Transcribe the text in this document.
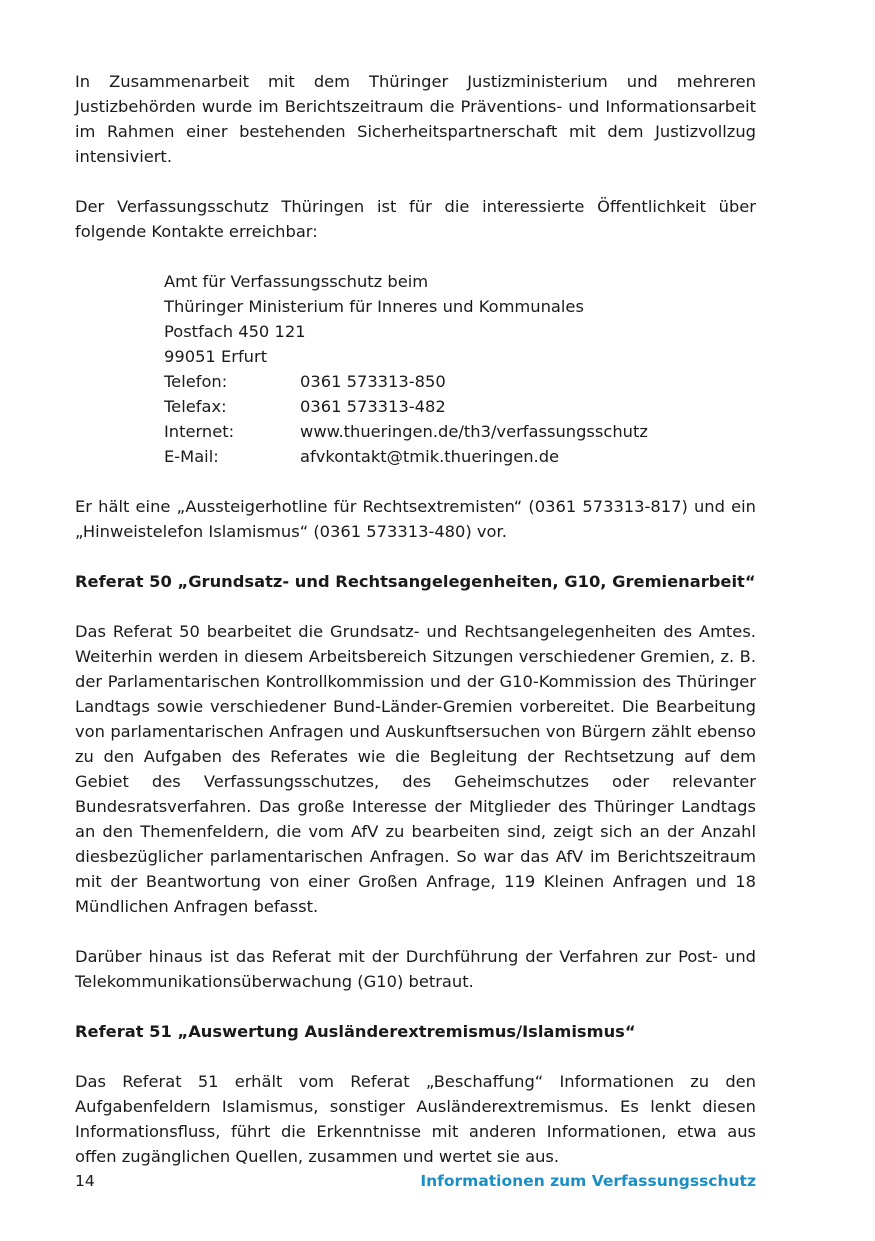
In Zusammenarbeit mit dem Thüringer Justizministerium und mehreren Justizbehörden wurde im Berichtszeitraum die Präventions- und Informationsarbeit im Rahmen einer bestehenden Sicherheitspartnerschaft mit dem Justizvollzug intensiviert.

Der Verfassungsschutz Thüringen ist für die interessierte Öffentlichkeit über folgende Kontakte erreichbar:

Amt für Verfassungsschutz beim

Thüringer Ministerium für Inneres und Kommunales

Postfach 450 121

99051 Erfurt

Telefon:	0361 573313-850

Telefax:	0361 573313-482

Internet:	www.thueringen.de/th3/verfassungsschutz

E-Mail:	afvkontakt@tmik.thueringen.de

Er hält eine „Aussteigerhotline für Rechtsextremisten“ (0361 573313-817) und ein „Hinweistelefon Islamismus“ (0361 573313-480) vor.

Referat 50 „Grundsatz- und Rechtsangelegenheiten, G10, Gremienarbeit“

Das Referat 50 bearbeitet die Grundsatz- und Rechtsangelegenheiten des Amtes. Weiterhin werden in diesem Arbeitsbereich Sitzungen verschiedener Gremien, z. B. der Parlamentarischen Kontrollkommission und der G10-Kommission des Thüringer Landtags sowie verschiedener Bund-Länder-Gremien vorbereitet. Die Bearbeitung von parlamentarischen Anfragen und Auskunftsersuchen von Bürgern zählt ebenso zu den Aufgaben des Referates wie die Begleitung der Rechtsetzung auf dem Gebiet des Verfassungsschutzes, des Geheimschutzes oder relevanter Bundesratsverfahren. Das große Interesse der Mitglieder des Thüringer Landtags an den Themenfeldern, die vom AfV zu bearbeiten sind, zeigt sich an der Anzahl diesbezüglicher parlamentarischen Anfragen. So war das AfV im Berichtszeitraum mit der Beantwortung von einer Großen Anfrage, 119 Kleinen Anfragen und 18 Mündlichen Anfragen befasst.

Darüber hinaus ist das Referat mit der Durchführung der Verfahren zur Post- und Telekommunikationsüberwachung (G10) betraut.

Referat 51 „Auswertung Ausländerextremismus/Islamismus“

Das Referat 51 erhält vom Referat „Beschaffung“ Informationen zu den Aufgabenfeldern Islamismus, sonstiger Ausländerextremismus. Es lenkt diesen Informationsfluss, führt die Erkenntnisse mit anderen Informationen, etwa aus offen zugänglichen Quellen, zusammen und wertet sie aus.

14	Informationen zum Verfassungsschutz
